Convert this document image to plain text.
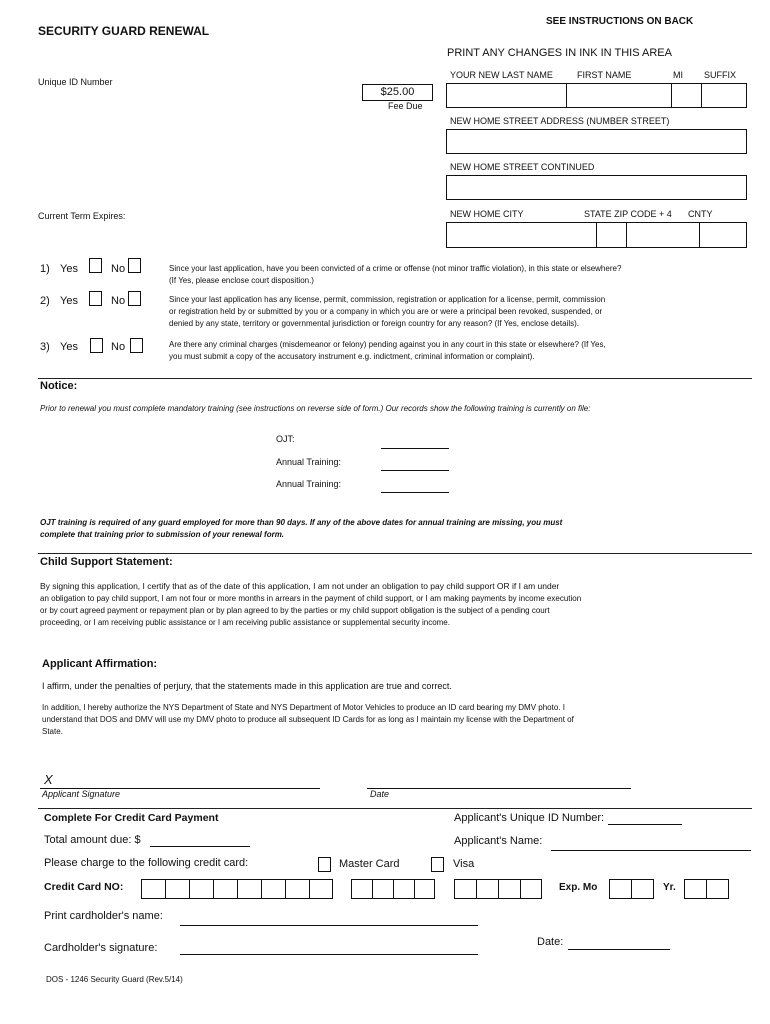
SEE INSTRUCTIONS ON BACK
SECURITY GUARD RENEWAL
PRINT ANY CHANGES IN INK IN THIS AREA
Unique ID Number
$25.00
Fee Due
Current Term Expires:
YOUR NEW LAST NAME	FIRST NAME	MI SUFFIX
NEW HOME STREET ADDRESS (NUMBER STREET)
NEW HOME STREET CONTINUED
NEW HOME CITY	STATE ZIP CODE + 4 CNTY
1) Yes	No	Since your last application, have you been convicted of a crime or offense (not minor traffic violation), in this state or elsewhere?
(If Yes, please enclose court disposition.)
2) Yes	No	Since your last application has any license, permit, commission, registration or application for a license, permit, commission
or registration held by or submitted by you or a company in which you are or were a principal been revoked, suspended, or
denied by any state, territory or governmental jurisdiction or foreign country for any reason? (If Yes, enclose details).
3) Yes	No	Are there any criminal charges (misdemeanor or felony) pending against you in any court in this state or elsewhere? (If Yes,
you must submit a copy of the accusatory instrument e.g. indictment, criminal information or complaint).
Notice:
Prior to renewal you must complete mandatory training (see instructions on reverse side of form.) Our records show the following training is currently on file:
OJT:
Annual Training:
Annual Training:
OJT training is required of any guard employed for more than 90 days. If any of the above dates for annual training are missing, you must
complete that training prior to submission of your renewal form.
Child Support Statement:
By signing this application, I certify that as of the date of this application, I am not under an obligation to pay child support OR if I am under
an obligation to pay child support, I am not four or more months in arrears in the payment of child support, or I am making payments by income execution
or by court agreed payment or repayment plan or by plan agreed to by the parties or my child support obligation is the subject of a pending court
proceeding, or I am receiving public assistance or I am receiving public assistance or supplemental security income.
Applicant Affirmation:
I affirm, under the penalties of perjury, that the statements made in this application are true and correct.
In addition, I hereby authorize the NYS Department of State and NYS Department of Motor Vehicles to produce an ID card bearing my DMV photo. I
understand that DOS and DMV will use my DMV photo to produce all subsequent ID Cards for as long as I maintain my license with the Department of
State.
X
Applicant Signature	Date
Complete For Credit Card Payment	Applicant's Unique ID Number:
Total amount due: $	Applicant's Name:
Please charge to the following credit card:	Master Card	Visa
Credit Card NO:	Exp. Mo	Yr.
Print cardholder's name:
Cardholder's signature:	Date:
DOS - 1246 Security Guard (Rev.5/14)
